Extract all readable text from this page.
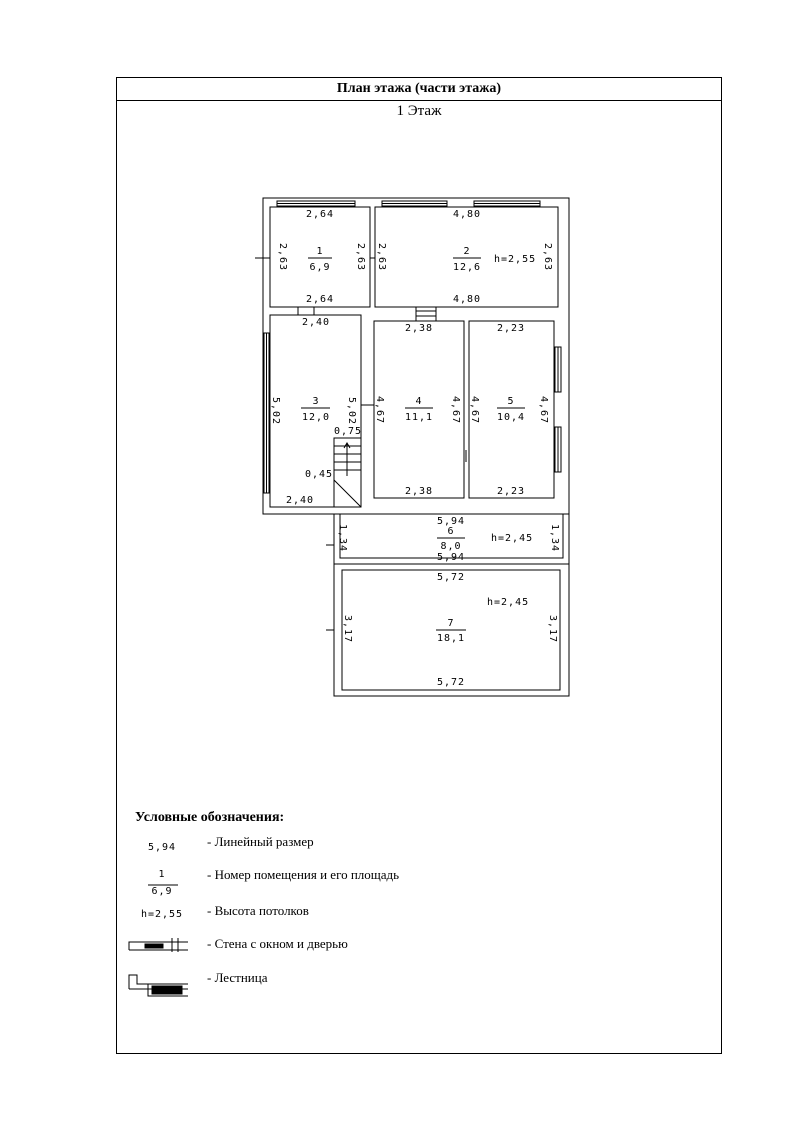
План этажа (части этажа)
1 Этаж
1
6,9
2
12,6
3
12,0
4
11,1
5
10,4
6
8,0
7
18,1
h=2,55
h=2,45
h=2,45
2,64
2,64
4,80
4,80
2,40
2,40
0,75
0,45
2,38
2,38
2,23
2,23
5,94
5,94
5,72
5,72
2,63	2,63 2,63	2,63
5,02	5,02 4,67	4,67 4,67	4,67
1,34	1,34
3,17	3,17
Условные обозначения:
5,94	- Линейный размер
1
6,9
- Номер помещения и его площадь
h=2,55	- Высота потолков
- Стена с окном и дверью
- Лестница
